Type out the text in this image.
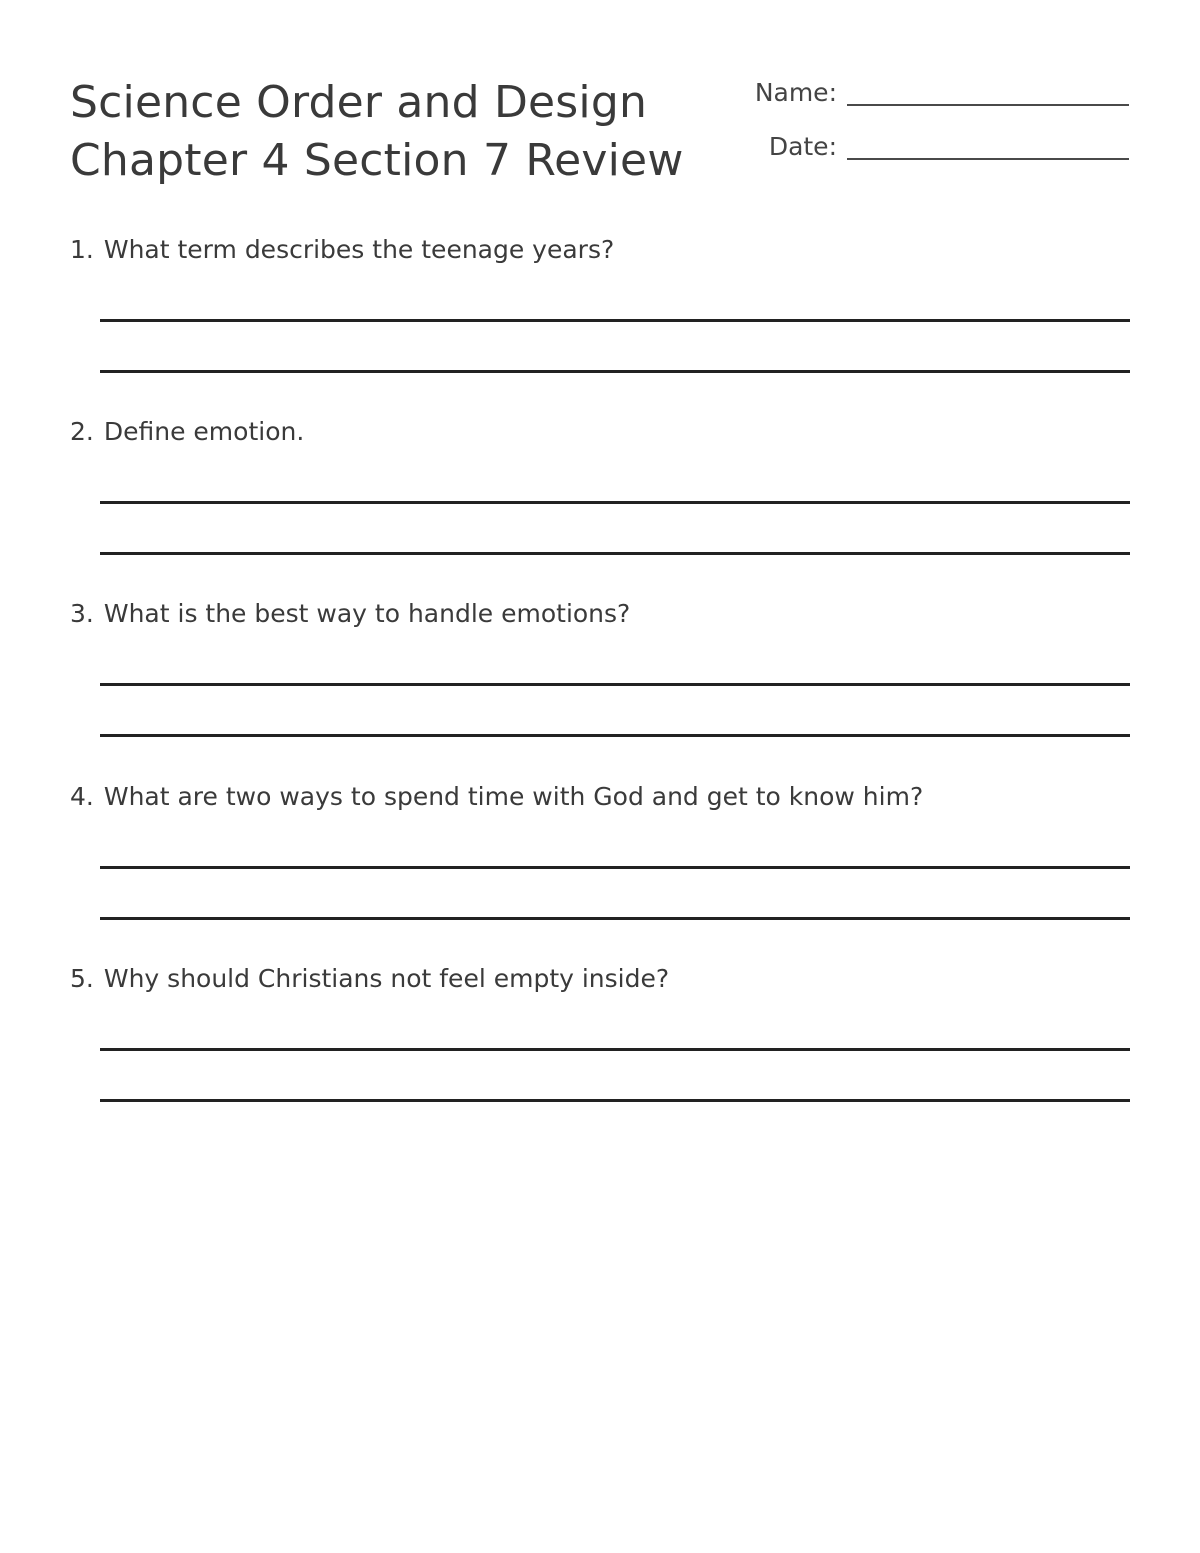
Science Order and Design
Chapter 4 Section 7 Review
Name:
Date:
1. What term describes the teenage years?
2. Define emotion.
3. What is the best way to handle emotions?
4. What are two ways to spend time with God and get to know him?
5. Why should Christians not feel empty inside?
